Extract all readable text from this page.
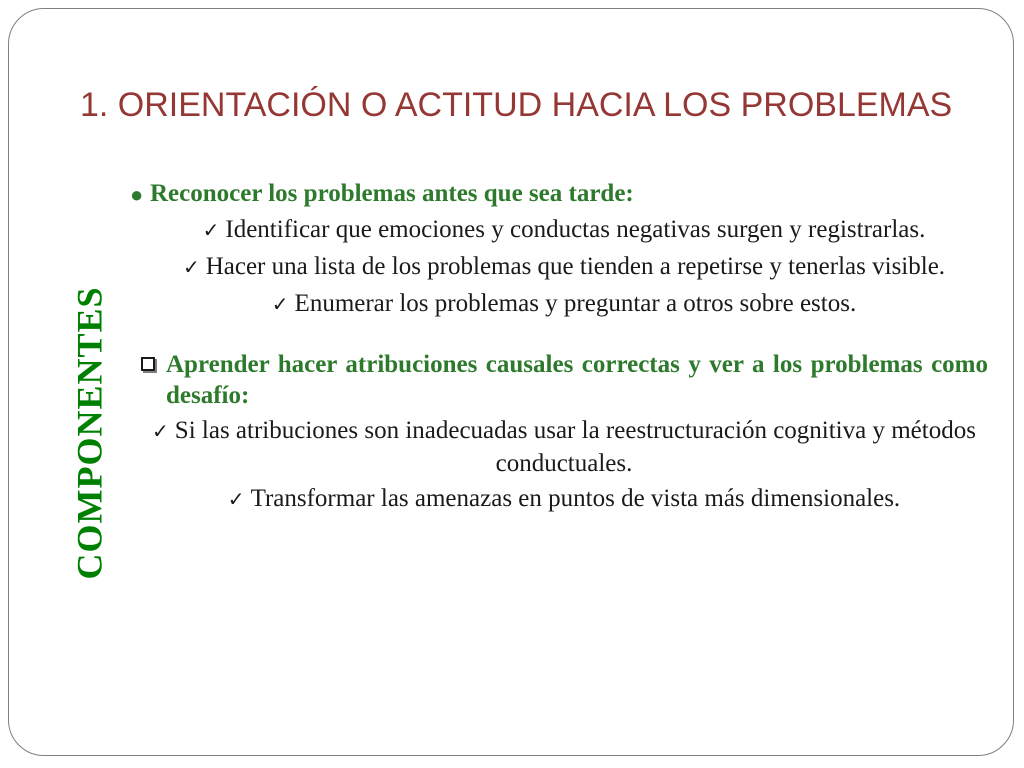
1. ORIENTACIÓN O ACTITUD HACIA LOS PROBLEMAS
COMPONENTES
● Reconocer los problemas antes que sea tarde:
✓ Identificar que emociones y conductas negativas surgen y registrarlas.
✓ Hacer una lista de los problemas que tienden a repetirse y tenerlas visible.
✓ Enumerar los problemas y preguntar a otros sobre estos.
Aprender hacer atribuciones causales correctas y ver a los problemas como desafío:
✓ Si las atribuciones son inadecuadas usar la reestructuración cognitiva y métodos conductuales.
✓ Transformar las amenazas en puntos de vista más dimensionales.
